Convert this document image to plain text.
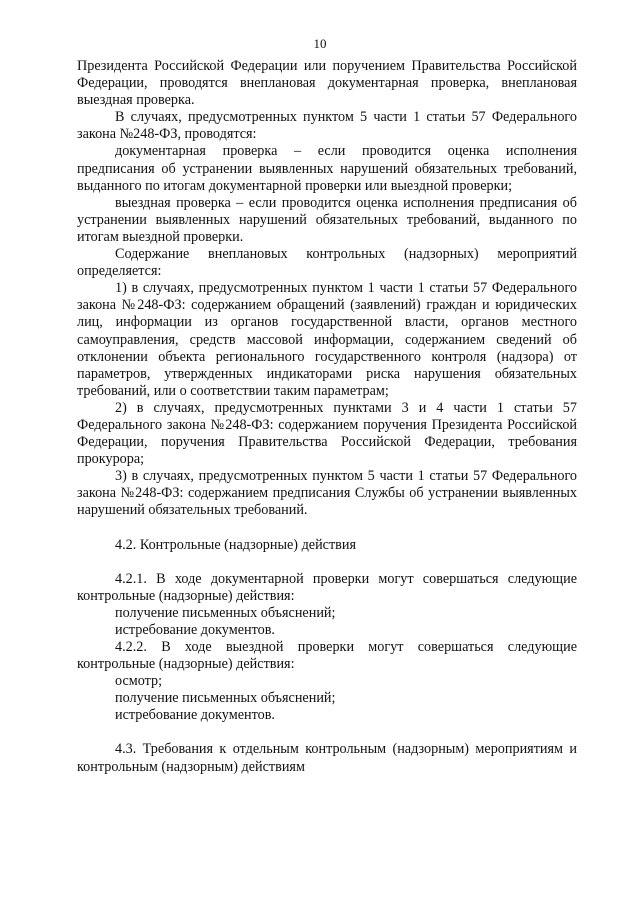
10

Президента Российской Федерации или поручением Правительства Российской Федерации, проводятся внеплановая документарная проверка, внеплановая выездная проверка.

В случаях, предусмотренных пунктом 5 части 1 статьи 57 Федерального закона №248-ФЗ, проводятся:

документарная проверка – если проводится оценка исполнения предписания об устранении выявленных нарушений обязательных требований, выданного по итогам документарной проверки или выездной проверки;

выездная проверка – если проводится оценка исполнения предписания об устранении выявленных нарушений обязательных требований, выданного по итогам выездной проверки.

Содержание внеплановых контрольных (надзорных) мероприятий определяется:

1) в случаях, предусмотренных пунктом 1 части 1 статьи 57 Федерального закона №248-ФЗ: содержанием обращений (заявлений) граждан и юридических лиц, информации из органов государственной власти, органов местного самоуправления, средств массовой информации, содержанием сведений об отклонении объекта регионального государственного контроля (надзора) от параметров, утвержденных индикаторами риска нарушения обязательных требований, или о соответствии таким параметрам;

2) в случаях, предусмотренных пунктами 3 и 4 части 1 статьи 57 Федерального закона №248-ФЗ: содержанием поручения Президента Российской Федерации, поручения Правительства Российской Федерации, требования прокурора;

3) в случаях, предусмотренных пунктом 5 части 1 статьи 57 Федерального закона №248-ФЗ: содержанием предписания Службы об устранении выявленных нарушений обязательных требований.

4.2. Контрольные (надзорные) действия

4.2.1. В ходе документарной проверки могут совершаться следующие контрольные (надзорные) действия:

получение письменных объяснений;

истребование документов.

4.2.2. В ходе выездной проверки могут совершаться следующие контрольные (надзорные) действия:

осмотр;

получение письменных объяснений;

истребование документов.

4.3. Требования к отдельным контрольным (надзорным) мероприятиям и контрольным (надзорным) действиям
